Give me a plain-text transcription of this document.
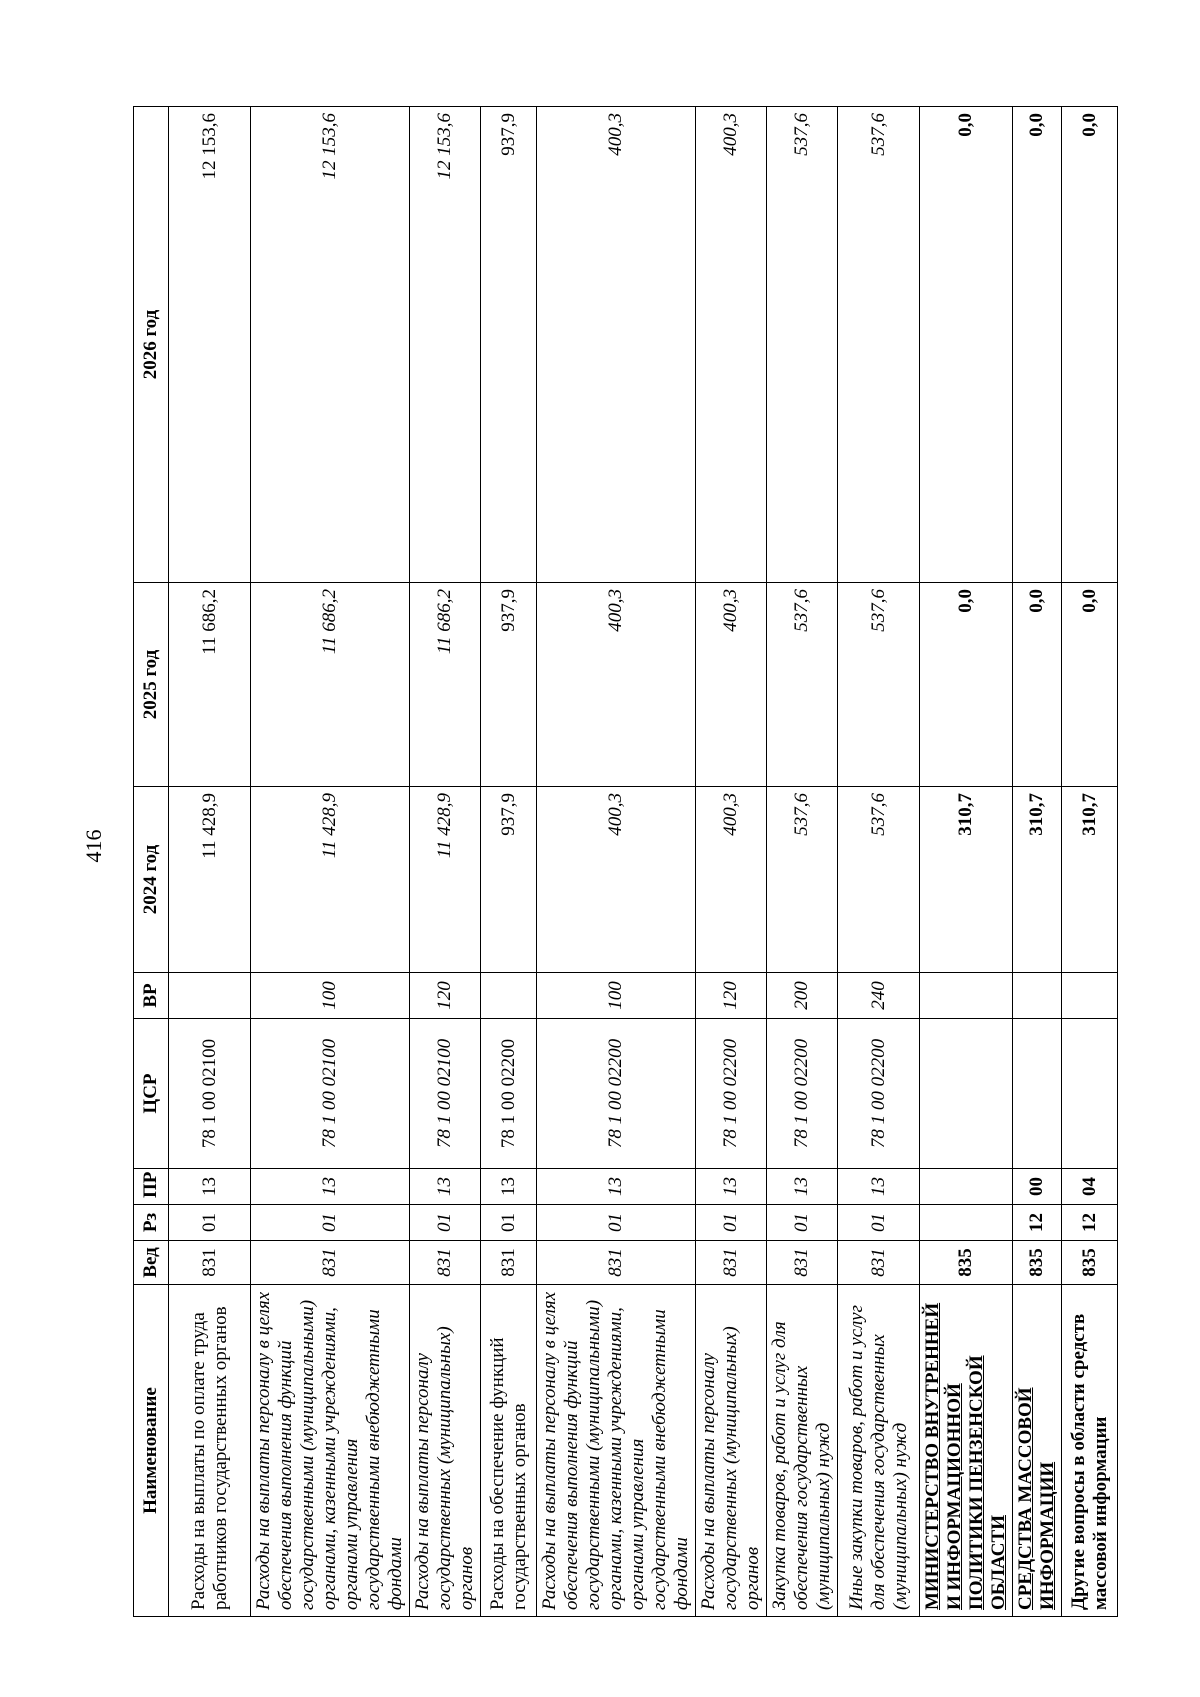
416
Наименование	Вед	Рз	ПР	ЦСР	ВР	2024 год	2025 год	2026 год
Расходы на выплаты по оплате труда работников государственных органов	831	01	13	78 1 00 02100		11 428,9	11 686,2	12 153,6
Расходы на выплаты персоналу в целях обеспечения выполнения функций государственными (муниципальными) органами, казенными учреждениями, органами управления государственными внебюджетными фондами	831	01	13	78 1 00 02100	100	11 428,9	11 686,2	12 153,6
Расходы на выплаты персоналу государственных (муниципальных) органов	831	01	13	78 1 00 02100	120	11 428,9	11 686,2	12 153,6
Расходы на обеспечение функций государственных органов	831	01	13	78 1 00 02200		937,9	937,9	937,9
Расходы на выплаты персоналу в целях обеспечения выполнения функций государственными (муниципальными) органами, казенными учреждениями, органами управления государственными внебюджетными фондами	831	01	13	78 1 00 02200	100	400,3	400,3	400,3
Расходы на выплаты персоналу государственных (муниципальных) органов	831	01	13	78 1 00 02200	120	400,3	400,3	400,3
Закупка товаров, работ и услуг для обеспечения государственных (муниципальных) нужд	831	01	13	78 1 00 02200	200	537,6	537,6	537,6
Иные закупки товаров, работ и услуг для обеспечения государственных (муниципальных) нужд	831	01	13	78 1 00 02200	240	537,6	537,6	537,6
МИНИСТЕРСТВО ВНУТРЕННЕЙ И ИНФОРМАЦИОННОЙ ПОЛИТИКИ ПЕНЗЕНСКОЙ ОБЛАСТИ	835					310,7	0,0	0,0
СРЕДСТВА МАССОВОЙ ИНФОРМАЦИИ	835	12	00			310,7	0,0	0,0
Другие вопросы в области средств массовой информации	835	12	04			310,7	0,0	0,0
